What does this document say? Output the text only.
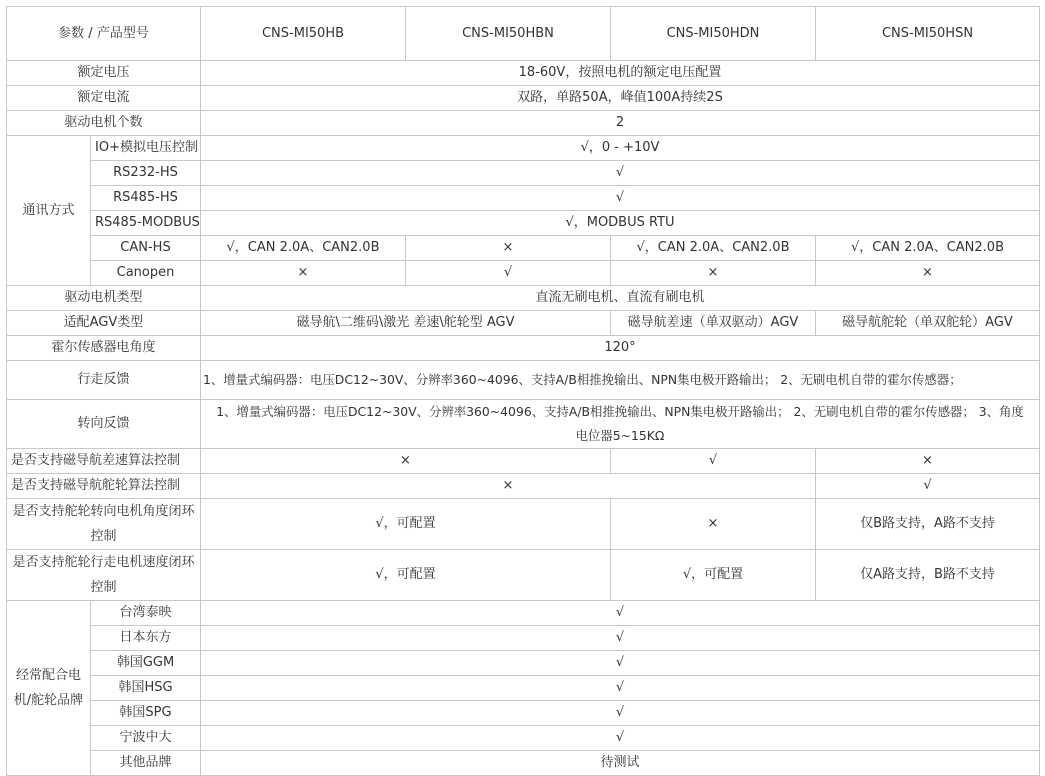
参数 / 产品型号		CNS-MI50HB	CNS-MI50HBN	CNS-MI50HDN	CNS-MI50HSN
额定电压		18-60V，按照电机的额定电压配置			
额定电流		双路，单路50A，峰值100A持续2S			
驱动电机个数		2			
通讯方式	IO+模拟电压控制	√，0 - +10V			
	RS232-HS	√			
	RS485-HS	√			
	RS485-MODBUS	√，MODBUS RTU			
	CAN-HS	√，CAN 2.0A、CAN2.0B	×	√，CAN 2.0A、CAN2.0B	√，CAN 2.0A、CAN2.0B
	Canopen	×	√	×	×
驱动电机类型		直流无刷电机、直流有刷电机			
适配AGV类型		磁导航\二维码\激光 差速\舵轮型 AGV		磁导航差速（单双驱动）AGV	磁导航舵轮（单双舵轮）AGV
霍尔传感器电角度		120°			
行走反馈		1、增量式编码器：电压DC12~30V、分辨率360~4096、支持A/B相推挽输出、NPN集电极开路输出； 2、无刷电机自带的霍尔传感器；			
转向反馈		1、增量式编码器：电压DC12~30V、分辨率360~4096、支持A/B相推挽输出、NPN集电极开路输出； 2、无刷电机自带的霍尔传感器； 3、角度电位器5~15KΩ			
是否支持磁导航差速算法控制		×		√	×
是否支持磁导航舵轮算法控制		×			√
是否支持舵轮转向电机角度闭环控制		√，可配置		×	仅B路支持，A路不支持
是否支持舵轮行走电机速度闭环控制		√，可配置		√，可配置	仅A路支持，B路不支持
经常配合电机/舵轮品牌	台湾泰映	√			
	日本东方	√			
	韩国GGM	√			
	韩国HSG	√			
	韩国SPG	√			
	宁波中大	√			
	其他品牌	待测试			
